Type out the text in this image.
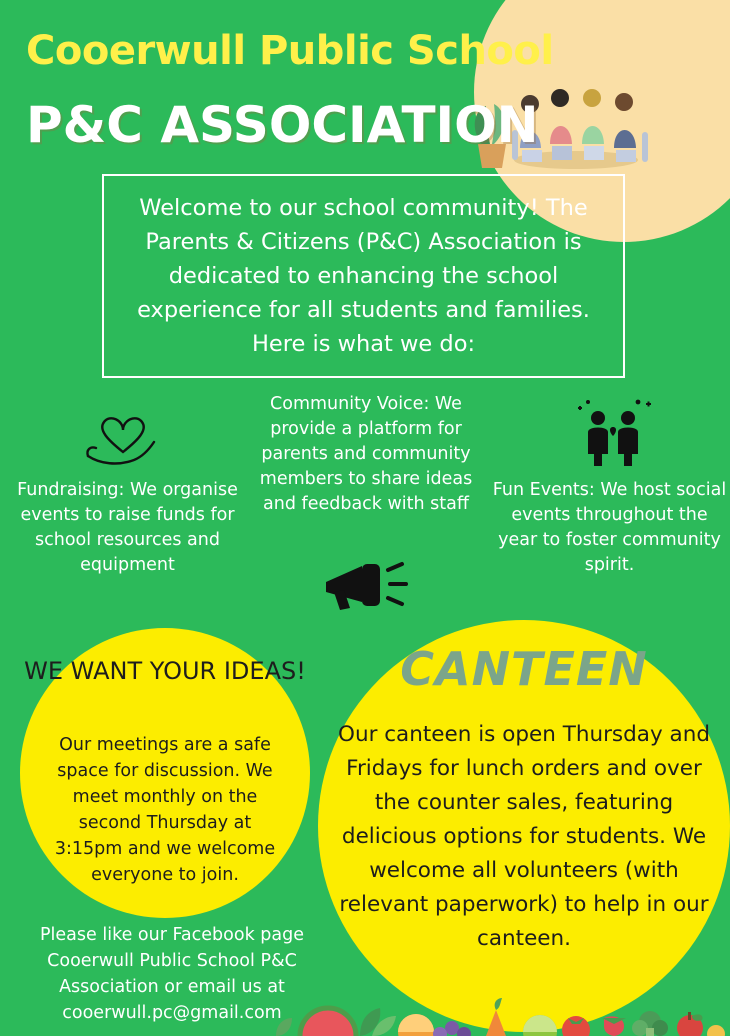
Cooerwull Public School
P&C ASSOCIATION
Welcome to our school community! The Parents & Citizens (P&C) Association is dedicated to enhancing the school experience for all students and families. Here is what we do:
Fundraising: We organise events to raise funds for school resources and equipment
Community Voice: We provide a platform for parents and community members to share ideas and feedback with staff
Fun Events: We host social events throughout the year to foster community spirit.
WE WANT YOUR IDEAS!
Our meetings are a safe space for discussion. We meet monthly on the second Thursday at 3:15pm and we welcome everyone to join.
CANTEEN
Our canteen is open Thursday and Fridays for lunch orders and over the counter sales, featuring delicious options for students. We welcome all volunteers (with relevant paperwork) to help in our canteen.
Please like our Facebook page Cooerwull Public School P&C Association or email us at cooerwull.pc@gmail.com
